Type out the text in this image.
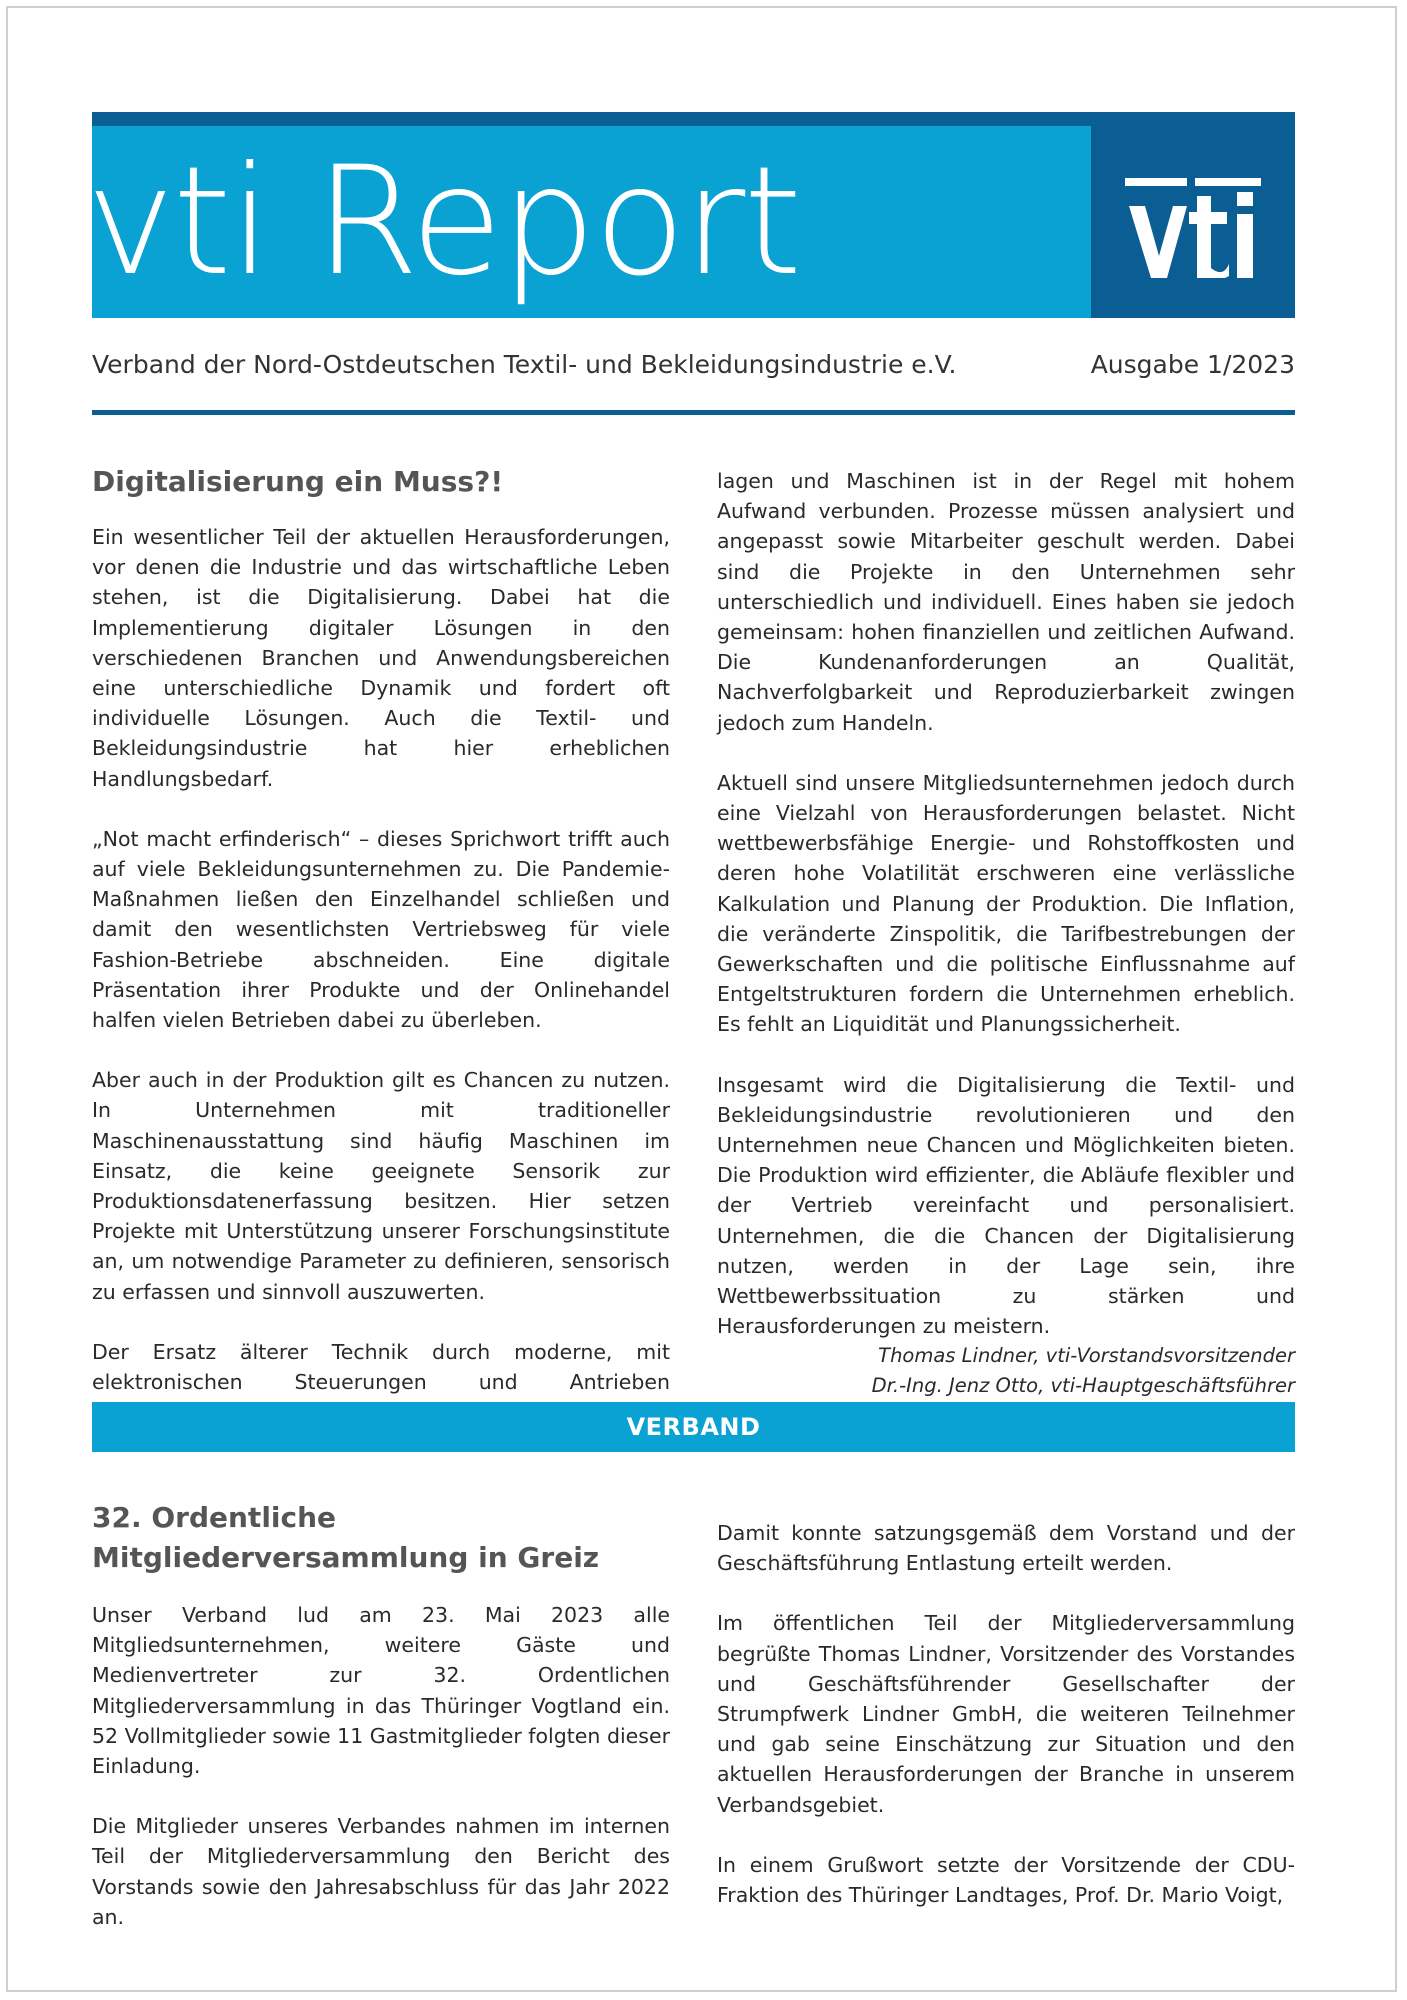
vti Report
Verband der Nord-Ostdeutschen Textil- und Bekleidungsindustrie e.V.	Ausgabe 1/2023
Digitalisierung ein Muss?!

Ein wesentlicher Teil der aktuellen Herausforderungen, vor denen die Industrie und das wirtschaftliche Leben stehen, ist die Digitalisierung. Dabei hat die Implementierung digitaler Lösungen in den verschiedenen Branchen und Anwendungsbereichen eine unterschiedliche Dynamik und fordert oft individuelle Lösungen. Auch die Textil- und Bekleidungsindustrie hat hier erheblichen Handlungsbedarf.

„Not macht erfinderisch“ – dieses Sprichwort trifft auch auf viele Bekleidungsunternehmen zu. Die Pandemie-Maßnahmen ließen den Einzelhandel schließen und damit den wesentlichsten Vertriebsweg für viele Fashion-Betriebe abschneiden. Eine digitale Präsentation ihrer Produkte und der Onlinehandel halfen vielen Betrieben dabei zu überleben.

Aber auch in der Produktion gilt es Chancen zu nutzen. In Unternehmen mit traditioneller Maschinenausstattung sind häufig Maschinen im Einsatz, die keine geeignete Sensorik zur Produktionsdatenerfassung besitzen. Hier setzen Projekte mit Unterstützung unserer Forschungsinstitute an, um notwendige Parameter zu definieren, sensorisch zu erfassen und sinnvoll auszuwerten.

Der Ersatz älterer Technik durch moderne, mit elektronischen Steuerungen und Antrieben

lagen und Maschinen ist in der Regel mit hohem Aufwand verbunden. Prozesse müssen analysiert und angepasst sowie Mitarbeiter geschult werden. Dabei sind die Projekte in den Unternehmen sehr unterschiedlich und individuell. Eines haben sie jedoch gemeinsam: hohen finanziellen und zeitlichen Aufwand. Die Kundenanforderungen an Qualität, Nachverfolgbarkeit und Reproduzierbarkeit zwingen jedoch zum Handeln.

Aktuell sind unsere Mitgliedsunternehmen jedoch durch eine Vielzahl von Herausforderungen belastet. Nicht wettbewerbsfähige Energie- und Rohstoffkosten und deren hohe Volatilität erschweren eine verlässliche Kalkulation und Planung der Produktion. Die Inflation, die veränderte Zinspolitik, die Tarifbestrebungen der Gewerkschaften und die politische Einflussnahme auf Entgeltstrukturen fordern die Unternehmen erheblich. Es fehlt an Liquidität und Planungssicherheit.

Insgesamt wird die Digitalisierung die Textil- und Bekleidungsindustrie revolutionieren und den Unternehmen neue Chancen und Möglichkeiten bieten. Die Produktion wird effizienter, die Abläufe flexibler und der Vertrieb vereinfacht und personalisiert. Unternehmen, die die Chancen der Digitalisierung nutzen, werden in der Lage sein, ihre Wettbewerbssituation zu stärken und Herausforderungen zu meistern.

Thomas Lindner, vti-Vorstandsvorsitzender
Dr.-Ing. Jenz Otto, vti-Hauptgeschäftsführer
VERBAND
32. Ordentliche
Mitgliederversammlung in Greiz

Unser Verband lud am 23. Mai 2023 alle Mitgliedsunternehmen, weitere Gäste und Medienvertreter zur 32. Ordentlichen Mitgliederversammlung in das Thüringer Vogtland ein. 52 Vollmitglieder sowie 11 Gastmitglieder folgten dieser Einladung.

Die Mitglieder unseres Verbandes nahmen im internen Teil der Mitgliederversammlung den Bericht des Vorstands sowie den Jahresabschluss für das Jahr 2022 an.

Damit konnte satzungsgemäß dem Vorstand und der Geschäftsführung Entlastung erteilt werden.

Im öffentlichen Teil der Mitgliederversammlung begrüßte Thomas Lindner, Vorsitzender des Vorstandes und Geschäftsführender Gesellschafter der Strumpfwerk Lindner GmbH, die weiteren Teilnehmer und gab seine Einschätzung zur Situation und den aktuellen Herausforderungen der Branche in unserem Verbandsgebiet.

In einem Grußwort setzte der Vorsitzende der CDU-Fraktion des Thüringer Landtages, Prof. Dr. Mario Voigt,
